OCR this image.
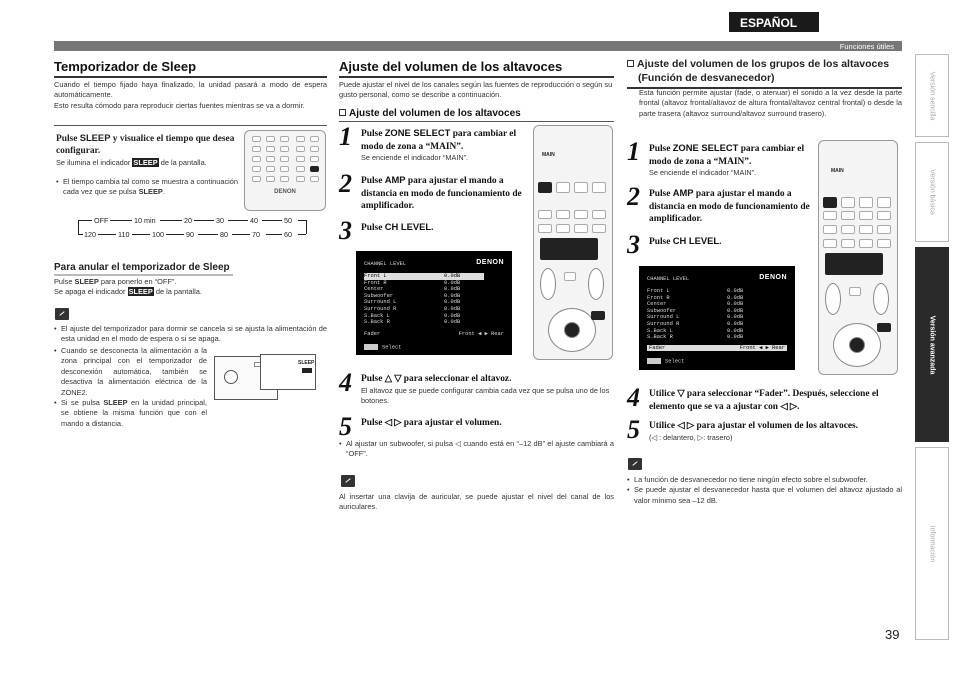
ESPAÑOL
Funciones útiles
Versión sencilla
Versión básica
Versión avanzada
Información
39
Temporizador de Sleep
Cuando el tiempo fijado haya finalizado, la unidad pasará a modo de espera automáticamente.
Esto resulta cómodo para reproducir ciertas fuentes mientras se va a dormir.
Pulse SLEEP y visualice el tiempo que desea configurar.
Se ilumina el indicador SLEEP de la pantalla.
• El tiempo cambia tal como se muestra a continuación cada vez que se pulsa SLEEP.	DENON
OFF	10 min	20	30	40	50
120	110	100	90	80	70	60
Para anular el temporizador de Sleep
Pulse SLEEP para ponerlo en “OFF”.
Se apaga el indicador SLEEP de la pantalla.
• El ajuste del temporizador para dormir se cancela si se ajusta la alimentación de esta unidad en el modo de espera o si se apaga.
• Cuando se desconecta la alimentación a la zona principal con el temporizador de desconexión automática, también se desactiva la alimentación eléctrica de la ZONE2.
• Si se pulsa SLEEP en la unidad principal, se obtiene la misma función que con el mando a distancia.
SLEEP
Ajuste del volumen de los altavoces
Puede ajustar el nivel de los canales según las fuentes de reproducción o según su gusto personal, como se describe a continuación.
Ajuste del volumen de los altavoces
1 Pulse ZONE SELECT para cambiar el modo de zona a “MAIN”.
Se enciende el indicador “MAIN”.
2 Pulse AMP para ajustar el mando a distancia en modo de funcionamiento de amplificador.
3 Pulse CH LEVEL.
MAIN
CHANNEL LEVEL	DENON
Front L	0.0dB
Front R	0.0dB
Center	0.0dB
Subwoofer	0.0dB
Surround L	0.0dB
Surround R	0.0dB
S.Back L	0.0dB
S.Back R	0.0dB
Fader	Front ◀ ▶ Rear
Select
4 Pulse △ ▽ para seleccionar el altavoz.
El altavoz que se puede configurar cambia cada vez que se pulsa uno de los botones.
5 Pulse ◁ ▷ para ajustar el volumen.
• Al ajustar un subwoofer, si pulsa ◁ cuando está en “–12 dB” el ajuste cambiará a “OFF”.
Al insertar una clavija de auricular, se puede ajustar el nivel del canal de los auriculares.
Ajuste del volumen de los grupos de los altavoces (Función de desvanecedor)
Esta función permite ajustar (fade, o atenuar) el sonido a la vez desde la parte frontal (altavoz frontal/altavoz de altura frontal/altavoz central frontal) o desde la parte trasera (altavoz surround/altavoz surround trasero).
1 Pulse ZONE SELECT para cambiar el modo de zona a “MAIN”.
Se enciende el indicador “MAIN”.
2 Pulse AMP para ajustar el mando a distancia en modo de funcionamiento de amplificador.
3 Pulse CH LEVEL.
MAIN
CHANNEL LEVEL	DENON
Front L	0.0dB
Front R	0.0dB
Center	0.0dB
Subwoofer	0.0dB
Surround L	0.0dB
Surround R	0.0dB
S.Back L	0.0dB
S.Back R	0.0dB
Fader	Front ◀ ▶ Rear
Select
4 Utilice ▽ para seleccionar “Fader”. Después, seleccione el elemento que se va a ajustar con ◁ ▷.
5 Utilice ◁ ▷ para ajustar el volumen de los altavoces.
(◁ : delantero, ▷: trasero)
• La función de desvanecedor no tiene ningún efecto sobre el subwoofer.
• Se puede ajustar el desvanecedor hasta que el volumen del altavoz ajustado al valor mínimo sea –12 dB.
